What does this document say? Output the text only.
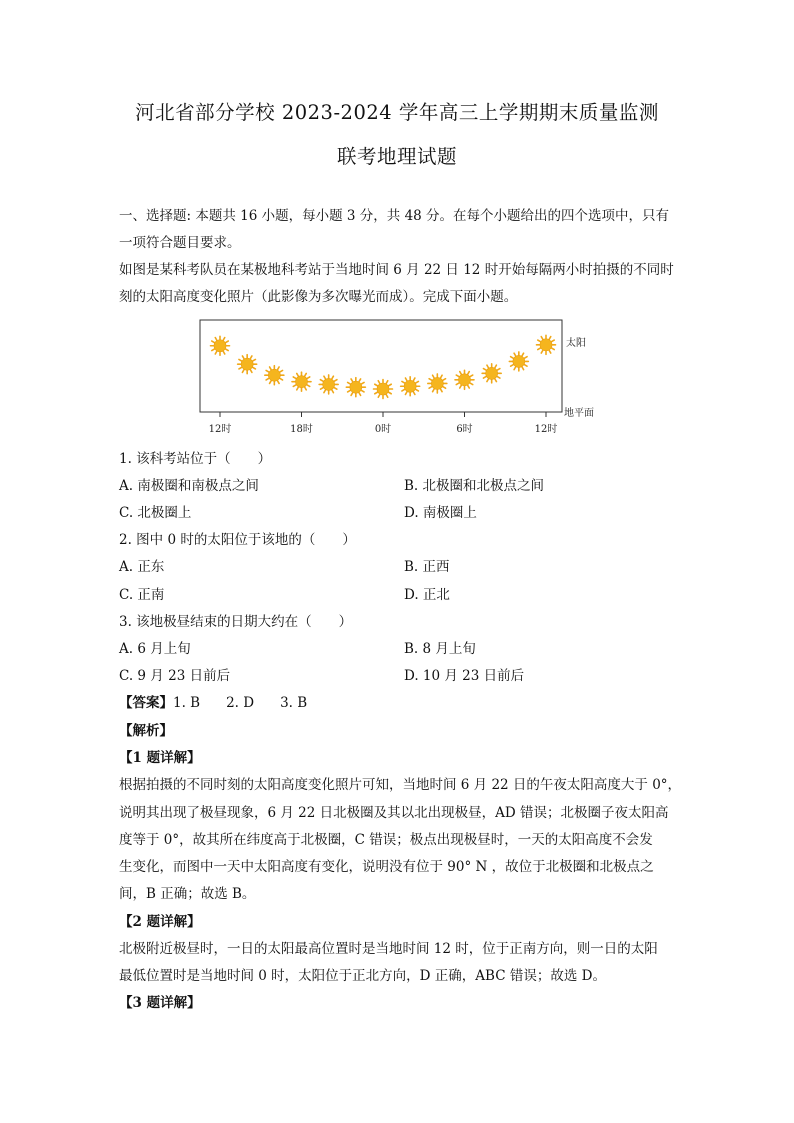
河北省部分学校 2023-2024 学年高三上学期期末质量监测
联考地理试题
一、选择题: 本题共 16 小题，每小题 3 分，共 48 分。在每个小题给出的四个选项中，只有
一项符合题目要求。
如图是某科考队员在某极地科考站于当地时间 6 月 22 日 12 时开始每隔两小时拍摄的不同时
刻的太阳高度变化照片（此影像为多次曝光而成）。完成下面小题。
12时	18时	0时	6时	12时
太阳
地平面
1. 该科考站位于（　　）
A. 南极圈和南极点之间	B. 北极圈和北极点之间
C. 北极圈上	D. 南极圈上
2. 图中 0 时的太阳位于该地的（　　）
A. 正东	B. 正西
C. 正南	D. 正北
3. 该地极昼结束的日期大约在（　　）
A. 6 月上旬	B. 8 月上旬
C. 9 月 23 日前后	D. 10 月 23 日前后
【答案】1. B 2. D 3. B
【解析】
【1 题详解】
根据拍摄的不同时刻的太阳高度变化照片可知，当地时间 6 月 22 日的午夜太阳高度大于 0°，
说明其出现了极昼现象，6 月 22 日北极圈及其以北出现极昼，AD 错误；北极圈子夜太阳高
度等于 0°，故其所在纬度高于北极圈，C 错误；极点出现极昼时，一天的太阳高度不会发
生变化，而图中一天中太阳高度有变化，说明没有位于 90° N ，故位于北极圈和北极点之
间，B 正确；故选 B。
【2 题详解】
北极附近极昼时，一日的太阳最高位置时是当地时间 12 时，位于正南方向，则一日的太阳
最低位置时是当地时间 0 时，太阳位于正北方向，D 正确，ABC 错误；故选 D。
【3 题详解】
